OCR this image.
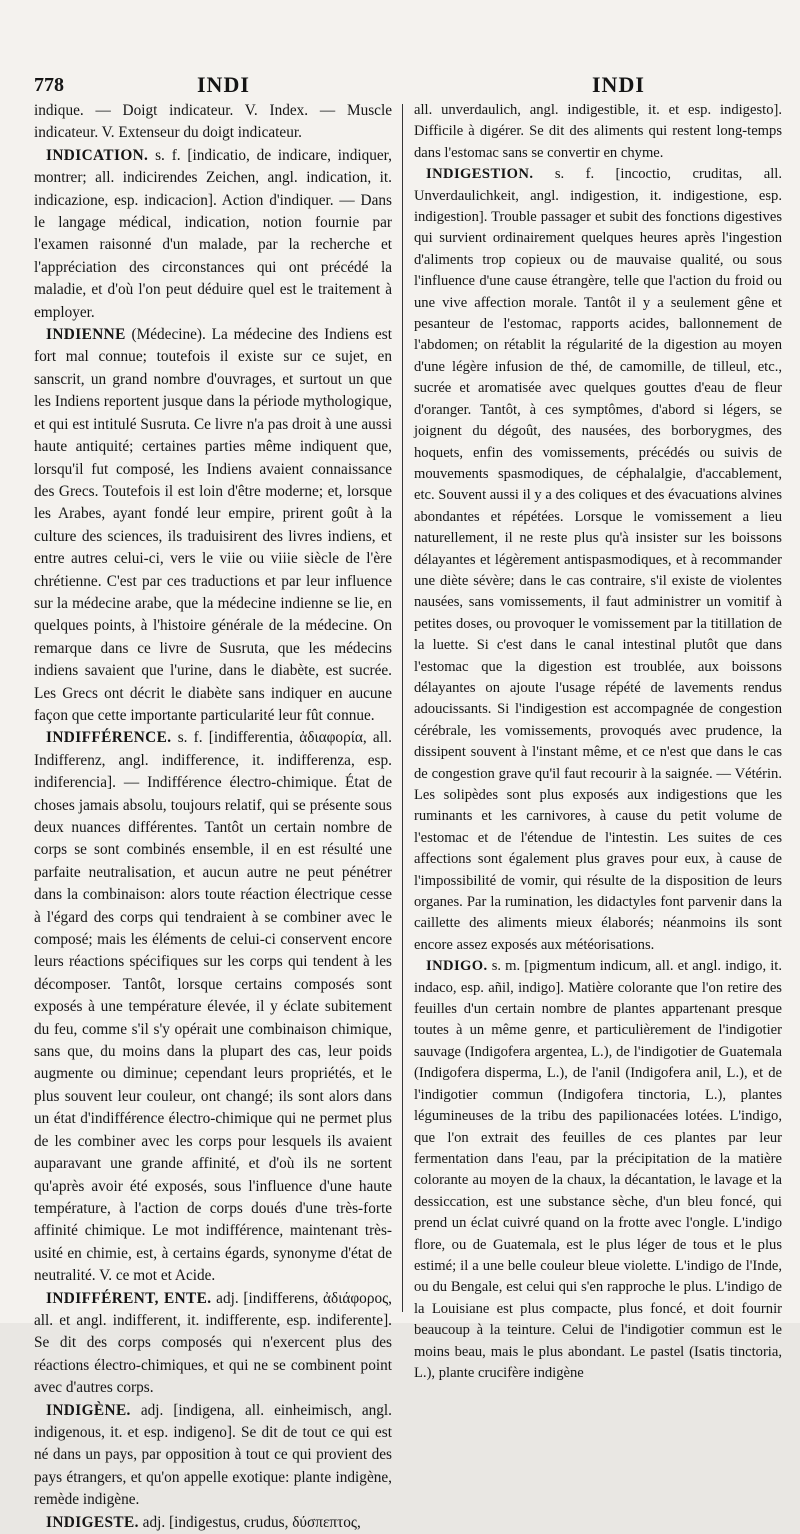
778	INDI	INDI

indique. — Doigt indicateur. V. Index. — Muscle indicateur. V. Extenseur du doigt indicateur.

INDICATION. s. f. [indicatio, de indicare, indiquer, montrer; all. indicirendes Zeichen, angl. indication, it. indicazione, esp. indicacion]. Action d'indiquer. — Dans le langage médical, indication, notion fournie par l'examen raisonné d'un malade, par la recherche et l'appréciation des circonstances qui ont précédé la maladie, et d'où l'on peut déduire quel est le traitement à employer.

INDIENNE (Médecine). La médecine des Indiens est fort mal connue; toutefois il existe sur ce sujet, en sanscrit, un grand nombre d'ouvrages, et surtout un que les Indiens reportent jusque dans la période mythologique, et qui est intitulé Susruta. Ce livre n'a pas droit à une aussi haute antiquité; certaines parties même indiquent que, lorsqu'il fut composé, les Indiens avaient connaissance des Grecs. Toutefois il est loin d'être moderne; et, lorsque les Arabes, ayant fondé leur empire, prirent goût à la culture des sciences, ils traduisirent des livres indiens, et entre autres celui-ci, vers le viie ou viiie siècle de l'ère chrétienne. C'est par ces traductions et par leur influence sur la médecine arabe, que la médecine indienne se lie, en quelques points, à l'histoire générale de la médecine. On remarque dans ce livre de Susruta, que les médecins indiens savaient que l'urine, dans le diabète, est sucrée. Les Grecs ont décrit le diabète sans indiquer en aucune façon que cette importante particularité leur fût connue.

INDIFFÉRENCE. s. f. [indifferentia, ἀδιαφορία, all. Indifferenz, angl. indifference, it. indifferenza, esp. indiferencia]. — Indifférence électro-chimique. État de choses jamais absolu, toujours relatif, qui se présente sous deux nuances différentes. Tantôt un certain nombre de corps se sont combinés ensemble, il en est résulté une parfaite neutralisation, et aucun autre ne peut pénétrer dans la combinaison: alors toute réaction électrique cesse à l'égard des corps qui tendraient à se combiner avec le composé; mais les éléments de celui-ci conservent encore leurs réactions spécifiques sur les corps qui tendent à les décomposer. Tantôt, lorsque certains composés sont exposés à une température élevée, il y éclate subitement du feu, comme s'il s'y opérait une combinaison chimique, sans que, du moins dans la plupart des cas, leur poids augmente ou diminue; cependant leurs propriétés, et le plus souvent leur couleur, ont changé; ils sont alors dans un état d'indifférence électro-chimique qui ne permet plus de les combiner avec les corps pour lesquels ils avaient auparavant une grande affinité, et d'où ils ne sortent qu'après avoir été exposés, sous l'influence d'une haute température, à l'action de corps doués d'une très-forte affinité chimique. Le mot indifférence, maintenant très-usité en chimie, est, à certains égards, synonyme d'état de neutralité. V. ce mot et Acide.

INDIFFÉRENT, ENTE. adj. [indifferens, ἀδιάφορος, all. et angl. indifferent, it. indifferente, esp. indiferente]. Se dit des corps composés qui n'exercent plus des réactions électro-chimiques, et qui ne se combinent point avec d'autres corps.

INDIGÈNE. adj. [indigena, all. einheimisch, angl. indigenous, it. et esp. indigeno]. Se dit de tout ce qui est né dans un pays, par opposition à tout ce qui provient des pays étrangers, et qu'on appelle exotique: plante indigène, remède indigène.

INDIGESTE. adj. [indigestus, crudus, δύσπεπτος,

all. unverdaulich, angl. indigestible, it. et esp. indigesto]. Difficile à digérer. Se dit des aliments qui restent long-temps dans l'estomac sans se convertir en chyme.

INDIGESTION. s. f. [incoctio, cruditas, all. Unverdaulichkeit, angl. indigestion, it. indigestione, esp. indigestion]. Trouble passager et subit des fonctions digestives qui survient ordinairement quelques heures après l'ingestion d'aliments trop copieux ou de mauvaise qualité, ou sous l'influence d'une cause étrangère, telle que l'action du froid ou une vive affection morale. Tantôt il y a seulement gêne et pesanteur de l'estomac, rapports acides, ballonnement de l'abdomen; on rétablit la régularité de la digestion au moyen d'une légère infusion de thé, de camomille, de tilleul, etc., sucrée et aromatisée avec quelques gouttes d'eau de fleur d'oranger. Tantôt, à ces symptômes, d'abord si légers, se joignent du dégoût, des nausées, des borborygmes, des hoquets, enfin des vomissements, précédés ou suivis de mouvements spasmodiques, de céphalalgie, d'accablement, etc. Souvent aussi il y a des coliques et des évacuations alvines abondantes et répétées. Lorsque le vomissement a lieu naturellement, il ne reste plus qu'à insister sur les boissons délayantes et légèrement antispasmodiques, et à recommander une diète sévère; dans le cas contraire, s'il existe de violentes nausées, sans vomissements, il faut administrer un vomitif à petites doses, ou provoquer le vomissement par la titillation de la luette. Si c'est dans le canal intestinal plutôt que dans l'estomac que la digestion est troublée, aux boissons délayantes on ajoute l'usage répété de lavements rendus adoucissants. Si l'indigestion est accompagnée de congestion cérébrale, les vomissements, provoqués avec prudence, la dissipent souvent à l'instant même, et ce n'est que dans le cas de congestion grave qu'il faut recourir à la saignée. — Vétérin. Les solipèdes sont plus exposés aux indigestions que les ruminants et les carnivores, à cause du petit volume de l'estomac et de l'étendue de l'intestin. Les suites de ces affections sont également plus graves pour eux, à cause de l'impossibilité de vomir, qui résulte de la disposition de leurs organes. Par la rumination, les didactyles font parvenir dans la caillette des aliments mieux élaborés; néanmoins ils sont encore assez exposés aux météorisations.

INDIGO. s. m. [pigmentum indicum, all. et angl. indigo, it. indaco, esp. añil, indigo]. Matière colorante que l'on retire des feuilles d'un certain nombre de plantes appartenant presque toutes à un même genre, et particulièrement de l'indigotier sauvage (Indigofera argentea, L.), de l'indigotier de Guatemala (Indigofera disperma, L.), de l'anil (Indigofera anil, L.), et de l'indigotier commun (Indigofera tinctoria, L.), plantes légumineuses de la tribu des papilionacées lotées. L'indigo, que l'on extrait des feuilles de ces plantes par leur fermentation dans l'eau, par la précipitation de la matière colorante au moyen de la chaux, la décantation, le lavage et la dessiccation, est une substance sèche, d'un bleu foncé, qui prend un éclat cuivré quand on la frotte avec l'ongle. L'indigo flore, ou de Guatemala, est le plus léger de tous et le plus estimé; il a une belle couleur bleue violette. L'indigo de l'Inde, ou du Bengale, est celui qui s'en rapproche le plus. L'indigo de la Louisiane est plus compacte, plus foncé, et doit fournir beaucoup à la teinture. Celui de l'indigotier commun est le moins beau, mais le plus abondant. Le pastel (Isatis tinctoria, L.), plante crucifère indigène
